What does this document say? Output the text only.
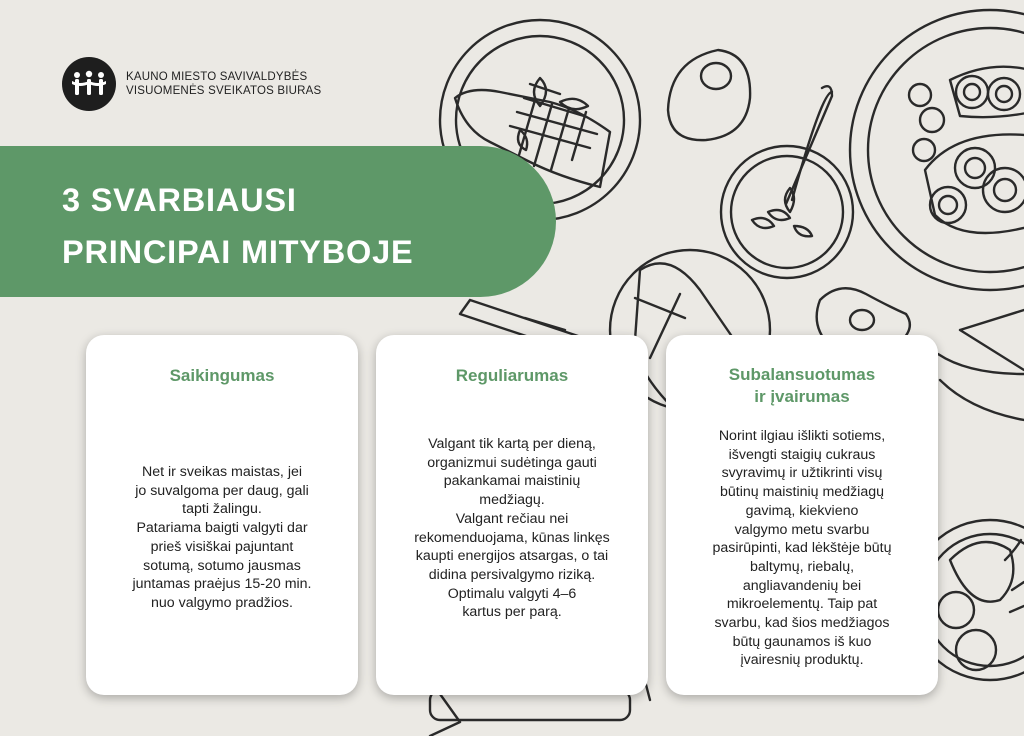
KAUNO MIESTO SAVIVALDYBĖS
VISUOMENĖS SVEIKATOS BIURAS
3 SVARBIAUSI
PRINCIPAI MITYBOJE
Saikingumas
Net ir sveikas maistas, jei
jo suvalgoma per daug, gali
tapti žalingu.
Patariama baigti valgyti dar
prieš visiškai pajuntant
sotumą, sotumo jausmas
juntamas praėjus 15-20 min.
nuo valgymo pradžios.
Reguliarumas
Valgant tik kartą per dieną,
organizmui sudėtinga gauti
pakankamai maistinių
medžiagų.
Valgant rečiau nei
rekomenduojama, kūnas linkęs
kaupti energijos atsargas, o tai
didina persivalgymo riziką.
Optimalu valgyti 4–6
kartus per parą.
Subalansuotumas
ir įvairumas
Norint ilgiau išlikti sotiems,
išvengti staigių cukraus
svyravimų ir užtikrinti visų
būtinų maistinių medžiagų
gavimą, kiekvieno
valgymo metu svarbu
pasirūpinti, kad lėkštėje būtų
baltymų, riebalų,
angliavandenių bei
mikroelementų. Taip pat
svarbu, kad šios medžiagos
būtų gaunamos iš kuo
įvairesnių produktų.
